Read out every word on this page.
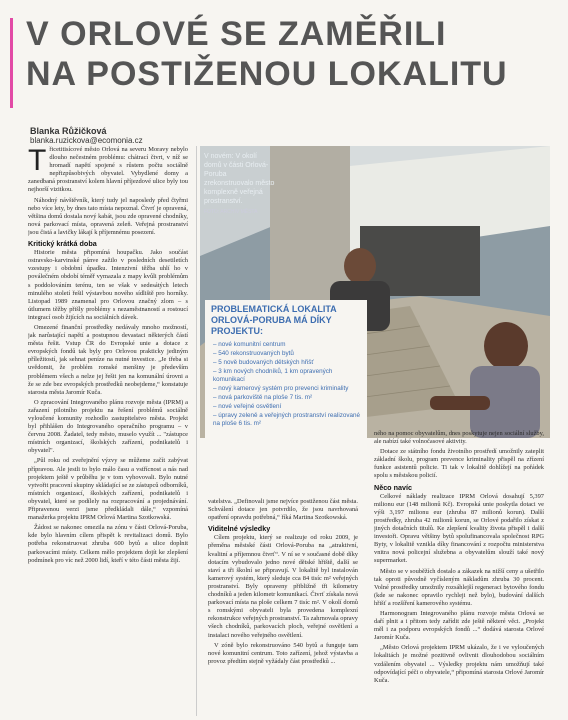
V ORLOVÉ SE ZAMĚŘILI
NA POSTIŽENOU LOKALITU
Blanka Růžičková
blanka.ruzickova@ecomonia.cz

Třicetitisícové město Orlová na severu Moravy nebylo dlouho nečestném problému: chátrací čtvrt, v níž se hromadí napětí spojené s růstem počtu sociálně nepřizpůsobivých obyvatel. Vybydlené domy a zanedbaná prostranství kolem hlavní příjezdové ulice byly tou nejhorší vizitkou.

Náhodný návštěvník, který tudy jel naposledy před čtyřmi nebo více lety, by dnes tato místa nepoznal. Čtvrť je opravená, většina domů dostala nový kabát, jsou zde opravené chodníky, nová parkovací místa, opravená zeleň. Veřejná prostranství jsou čistá a lavičky lákají k příjemnému posezení.

Kritický krátká doba

Historie města připomíná houpačku. Jako součást ostravsko-karvinské pánve zažilo v posledních desetiletích vzestupy i obdobní úpadku. Intenzivní těžba uhlí ho v poválečném období téměř vymazala z mapy kvůli problémům s poddolováním terénu, ten se však v sedesátých letech minulého století řešil výstavbou nového sídliště pro horníky. Listopad 1989 znamenal pro Orlovou značný zlom – s útlumem těžby přišly problémy s nezaměstnaností a rostoucí integrací osob žijících na sociálních dávek.

Omezené finanční prostředky nedávaly mnoho možností, jak narůstající napětí a postupnou devastaci některých částí města řešit. Vstup ČR do Evropské unie a dotace z evropských fondů tak byly pro Orlovou prakticky jediným příležitostí, jak sehnat peníze na nutné investice. „Je třeba si uvědomit, že problém romské menšiny je především problémem všech a nelze jej řešit jen na komunální úrovni a že se zde bez evropských prostředků neobejdeme,“ konstatuje starosta města Jaromír Kuča.

O zpracování Integrovaného plánu rozvoje města (IPRM) a zařazení pilotního projektu na řešení problémů sociálně vyloučené komunity rozhodlo zastupitelstvo města. Projekt byl přihlášen do Integrovaného operačního programu – v červnu 2008. Žadatel, tedy město, muselo využít ... "zástupce místních organizací, školských zařízení, podnikatelů i obyvatel".

„Půl roku od zveřejnění výzvy se můžeme začít zabývat přípravou. Ale jestli to bylo málo času a vstřícnost a nás nad projektem ještě v průběhu je v tom vyhovovali. Bylo nutné vytvořit pracovní skupiny skládající se ze zástupců odborníků, místních organizací, školských zařízení, podnikatelů i obyvatel, které se podílely na rozpracování a projednávání. Připravenou verzi jsme předkládali dále,“ vzpomíná manažerka projektu IPRM Orlová Martina Szotkowská.

Žádost se nakonec omezila na zónu v části Orlová-Poruba, kde bylo hlavním cílem přispět k revitalizaci domů. Bylo potřeba rekonstruovat zhruba 600 bytů a ulice doplnit parkovacími místy. Celkem mělo projektem dojít ke zlepšení podmínek pro víc než 2000 lidí, kteří v této části města žijí.

V novém: V okolí domů v části Orlová-Poruba zrekonstruovalo město komplexně veřejná prostranství.
FOTO: ARCHIV MĚSTA
PROBLEMATICKÁ LOKALITA ORLOVÁ-PORUBA MÁ DÍKY PROJEKTU:
– nové komunitní centrum
– 540 rekonstruovaných bytů
– 5 nově budovaných dětských hřišť
– 3 km nových chodníků, 1 km opravených komunikací
– nový kamerový systém pro prevenci kriminality
– nová parkoviště na ploše 7 tis. m²
– nové veřejné osvětlení
– úpravy zeleně a veřejných prostranství realizované na ploše 6 tis. m²

vatelstva. „Definovali jsme nejvíce postiženou část města. Schválení dotace jen potvrdilo, že jsou navrhovaná opatření opravdu potřebná,“ říká Martina Szotkowská.

Viditelné výsledky

Cílem projektu, který se realizuje od roku 2009, je přeměna městské části Orlová-Poruba na „atraktivní, kvalitní a příjemnou čtvrť“. V ní se v současné době díky dotacím vybudovalo jedno nové dětské hřiště, další se staví a tři školní se připravují. V lokalitě byl instalován kamerový systém, který sleduje cca 84 tisíc m² veřejných prostranství. Byly opraveny přibližně tři kilometry chodníků a jeden kilometr komunikací. Čtvrť získala nová parkovací místa na ploše celkem 7 tisíc m². V okolí domů s romskými obyvateli byla provedena komplexní rekonstrukce veřejných prostranství. Ta zahrnovala opravy všech chodníků, parkovacích ploch, veřejné osvětlení a instalaci nového veřejného osvětlení.

V zóně bylo rekonstruováno 540 bytů a funguje tam nové komunitní centrum. Toto zařízení, jehož výstavba a provoz předtím stejně vyžádaly část prostředků ...

ného na pomoc obyvatelům, dnes poskytuje nejen sociální služby, ale nabízí také volnočasové aktivity.

Dotace ze státního fondu životního prostředí umožnily zateplit základní školu, program prevence kriminality přispěl na zřízení funkce asistentů policie. Ti tak v lokalitě dohlížejí na pořádek spolu s městskou policií.

Něco navíc

Celkové náklady realizace IPRM Orlová dosahují 5,397 milionu eur (148 milionů Kč). Evropská unie poskytla dotaci ve výši 3,197 milionu eur (zhruba 87 milionů korun). Další prostředky, zhruba 42 milionů korun, se Orlové podařilo získat z jiných dotačních titulů. Ke zlepšení kvality života přispěl i další investoři. Opravu většiny bytů spolufinancovala společnost RPG Byty, v lokalitě vznikla díky financování z rozpočtu ministerstva vnitra nová policejní služebna a obyvatelům slouží také nový supermarket.

Město se v souběžích dostalo a zákazek na nižší ceny a ušetřilo tak oproti původně vyčísleným nákladům zhruba 30 procent. Volné prostředky umožnily rozsáhlejší regeneraci bytového fondu (kde se nakonec opravilo rychleji než bylo), budování dalších hřišť a rozšíření kamerového systému.

Harmonogram Integrovaného plánu rozvoje města Orlová se daří plnit a i přitom tedy zařídit zde ještě některé věci. „Projekt měl i za podporu evropských fondů ...“ dodává starosta Orlové Jaromír Kuča.

„Město Orlová projektem IPRM ukázalo, že i ve vyloučených lokalitách je možné pozitivně ovlivnit dlouhodobou sociálním vzdálením obyvatel ... Výsledky projektu nám umožňují také odpovídající péči o obyvatele,“ připomíná starosta Orlové Jaromír Kuča.
